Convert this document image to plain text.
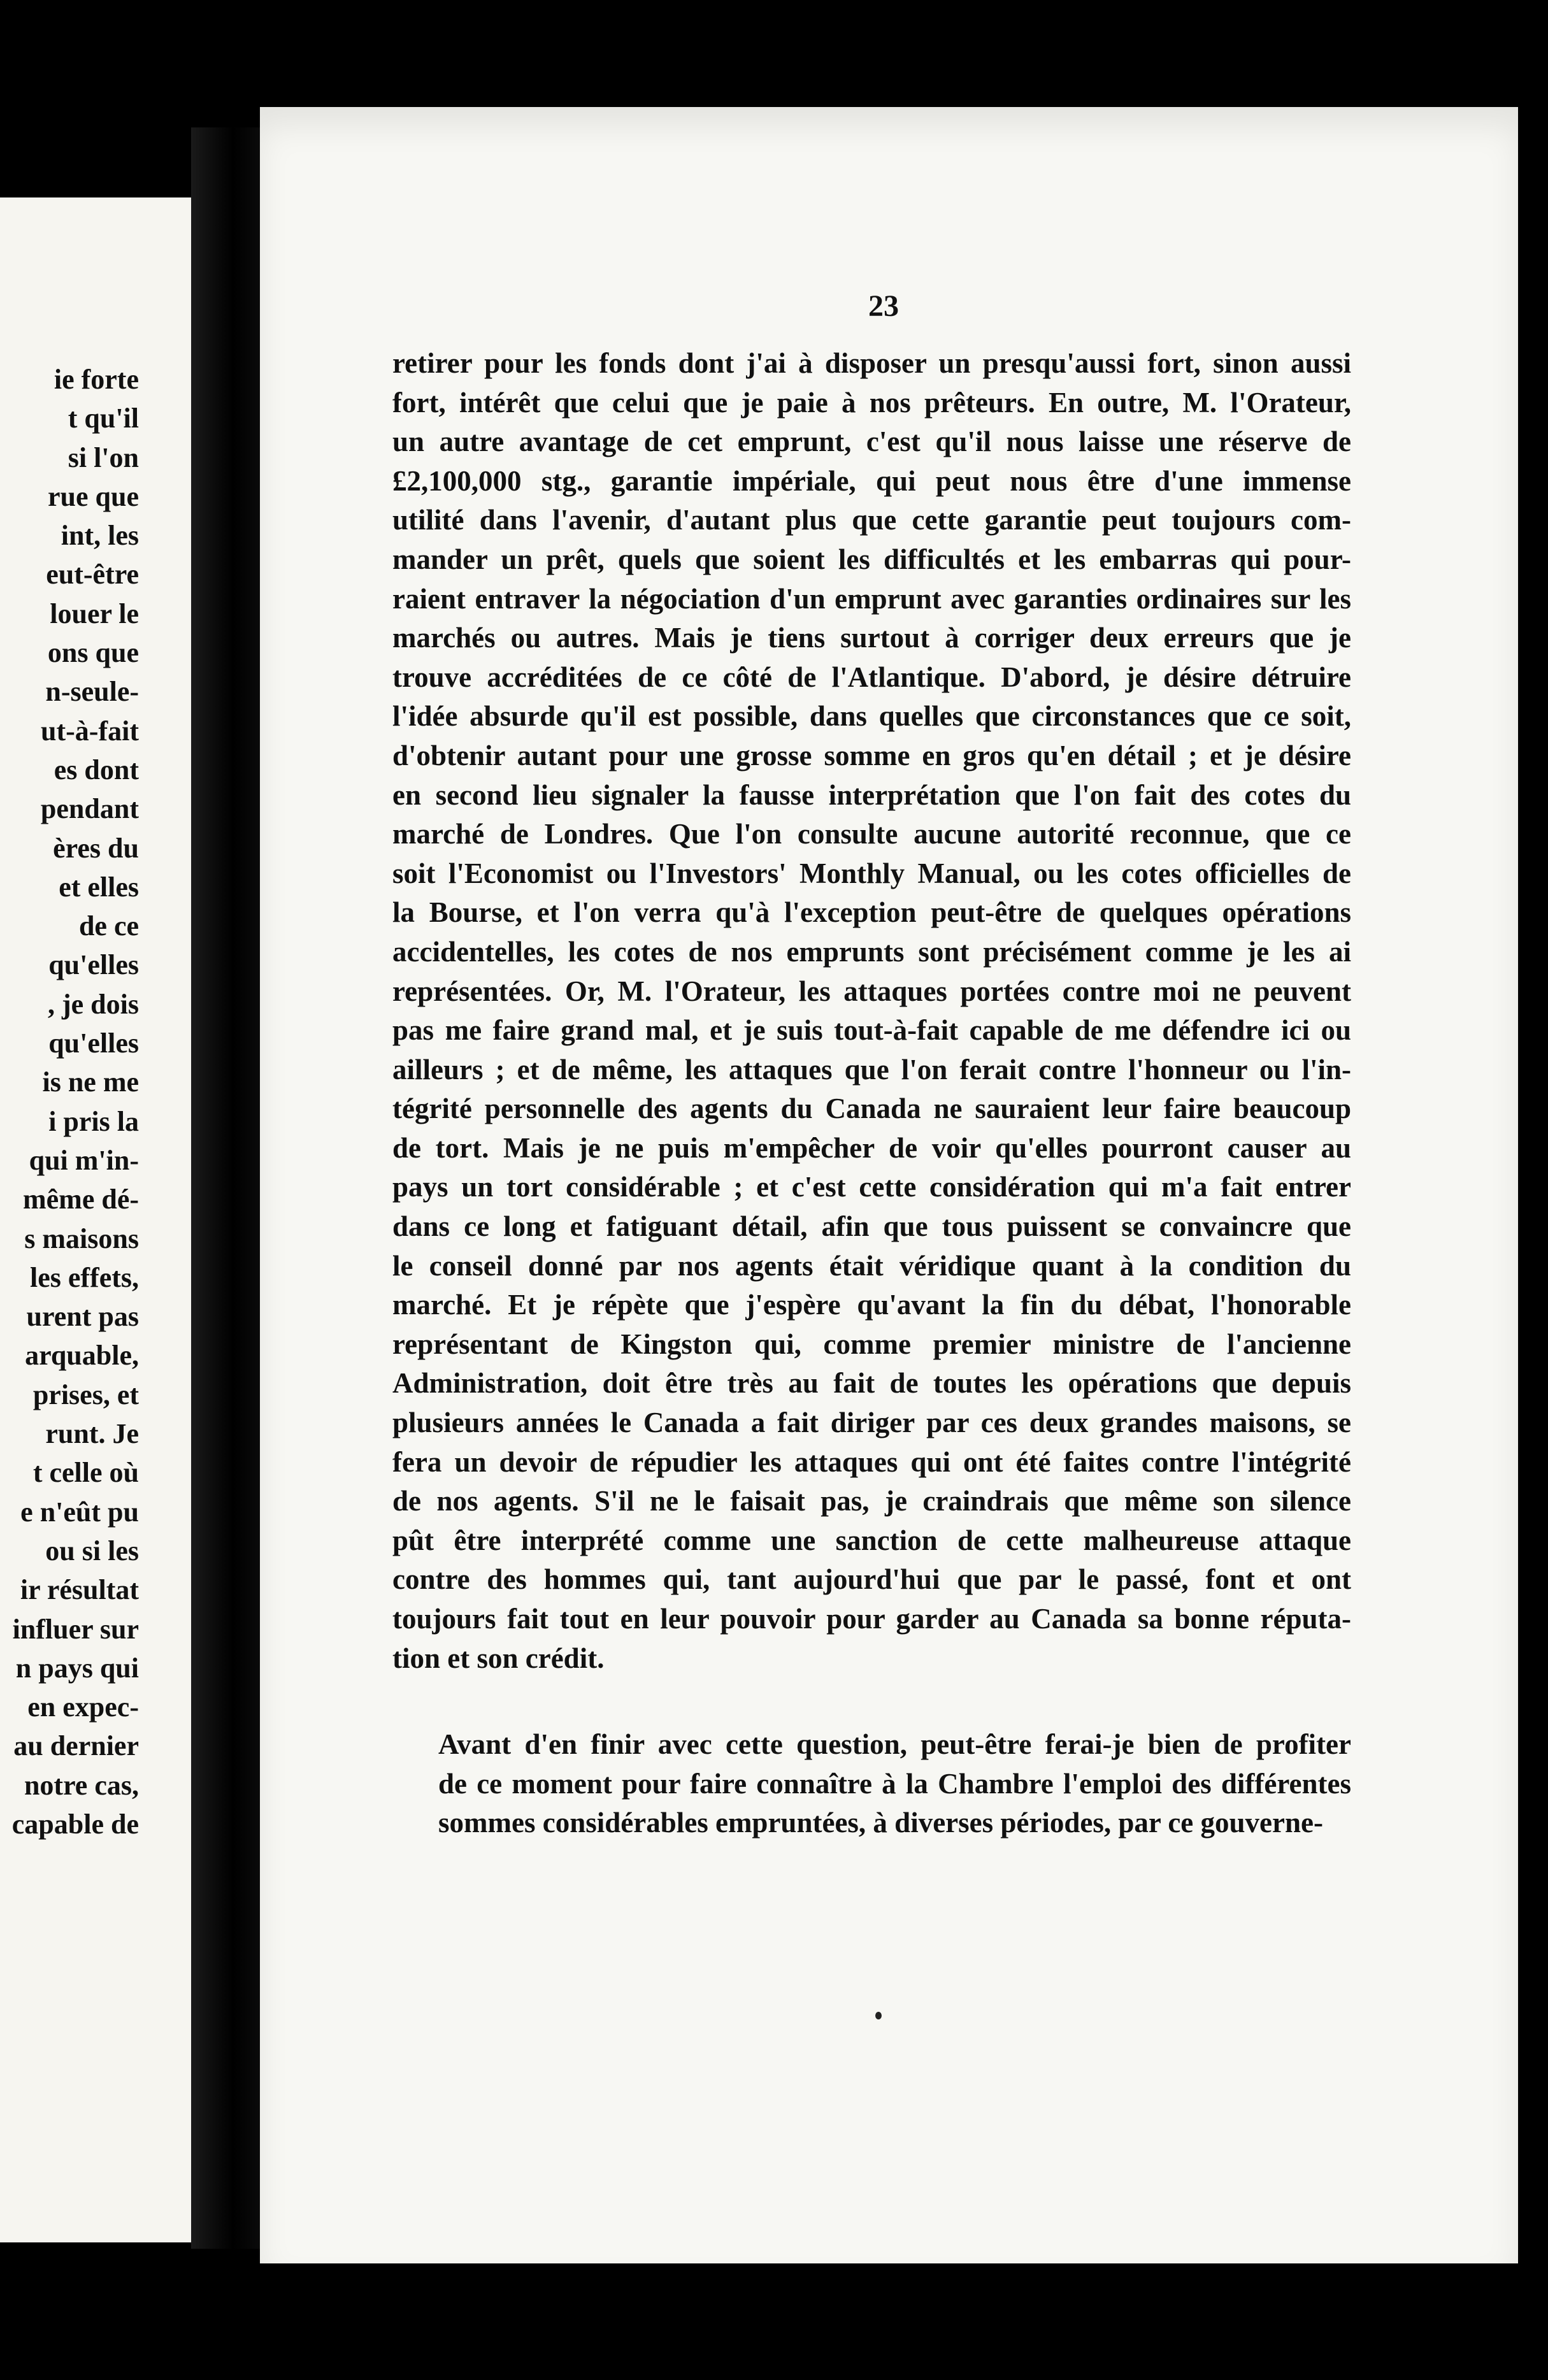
ie forte
t qu'il
si l'on
rue que
int, les
eut-être
louer le
ons que
n-seule-
ut-à-fait
es dont
pendant
ères du
et elles
de ce
qu'elles
, je dois
qu'elles
is ne me
i pris la
qui m'in-
même dé-
s maisons
les effets,
urent pas
arquable,
prises, et
runt. Je
t celle où
e n'eût pu
ou si les
ir résultat
influer sur
n pays qui
en expec-
au dernier
notre cas,
capable de
23
retirer pour les fonds dont j'ai à disposer un presqu'aussi fort, sinon aussi
fort, intérêt que celui que je paie à nos prêteurs. En outre, M. l'Orateur,
un autre avantage de cet emprunt, c'est qu'il nous laisse une réserve de
£2,100,000 stg., garantie impériale, qui peut nous être d'une immense
utilité dans l'avenir, d'autant plus que cette garantie peut toujours com-
mander un prêt, quels que soient les difficultés et les embarras qui pour-
raient entraver la négociation d'un emprunt avec garanties ordinaires sur les
marchés ou autres. Mais je tiens surtout à corriger deux erreurs que je
trouve accréditées de ce côté de l'Atlantique. D'abord, je désire détruire
l'idée absurde qu'il est possible, dans quelles que circonstances que ce soit,
d'obtenir autant pour une grosse somme en gros qu'en détail ; et je désire
en second lieu signaler la fausse interprétation que l'on fait des cotes du
marché de Londres. Que l'on consulte aucune autorité reconnue, que ce
soit l'Economist ou l'Investors' Monthly Manual, ou les cotes officielles de
la Bourse, et l'on verra qu'à l'exception peut-être de quelques opérations
accidentelles, les cotes de nos emprunts sont précisément comme je les ai
représentées. Or, M. l'Orateur, les attaques portées contre moi ne peuvent
pas me faire grand mal, et je suis tout-à-fait capable de me défendre ici ou
ailleurs ; et de même, les attaques que l'on ferait contre l'honneur ou l'in-
tégrité personnelle des agents du Canada ne sauraient leur faire beaucoup
de tort. Mais je ne puis m'empêcher de voir qu'elles pourront causer au
pays un tort considérable ; et c'est cette considération qui m'a fait entrer
dans ce long et fatiguant détail, afin que tous puissent se convaincre que
le conseil donné par nos agents était véridique quant à la condition du
marché. Et je répète que j'espère qu'avant la fin du débat, l'honorable
représentant de Kingston qui, comme premier ministre de l'ancienne
Administration, doit être très au fait de toutes les opérations que depuis
plusieurs années le Canada a fait diriger par ces deux grandes maisons, se
fera un devoir de répudier les attaques qui ont été faites contre l'intégrité
de nos agents. S'il ne le faisait pas, je craindrais que même son silence
pût être interprété comme une sanction de cette malheureuse attaque
contre des hommes qui, tant aujourd'hui que par le passé, font et ont
toujours fait tout en leur pouvoir pour garder au Canada sa bonne réputa-
tion et son crédit.
Avant d'en finir avec cette question, peut-être ferai-je bien de profiter
de ce moment pour faire connaître à la Chambre l'emploi des différentes
sommes considérables empruntées, à diverses périodes, par ce gouverne-
